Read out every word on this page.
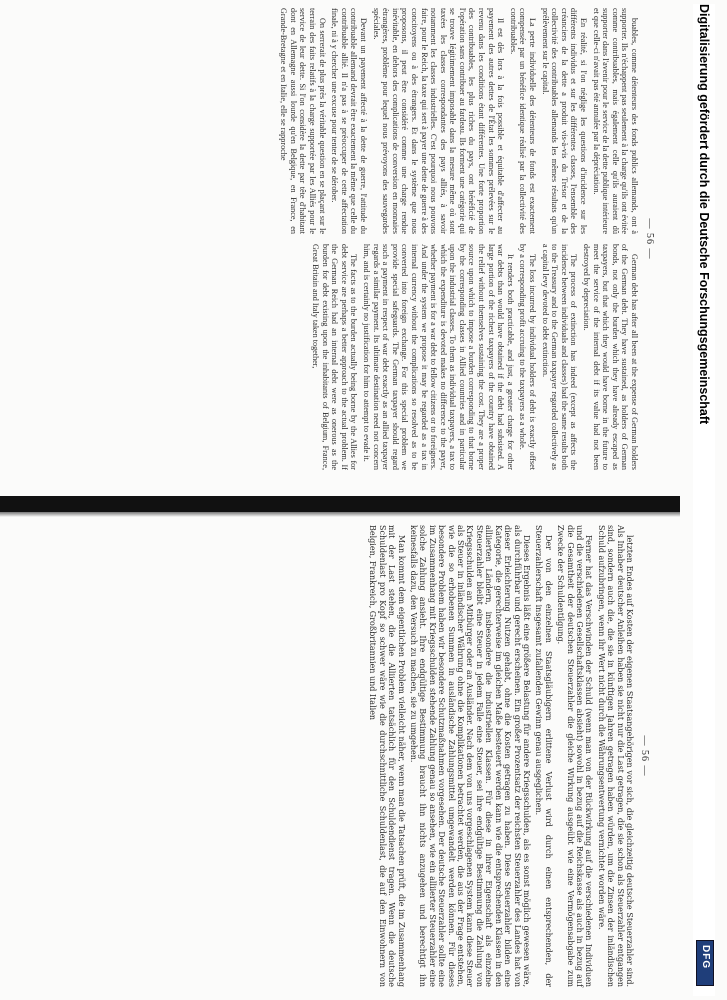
— 56 —

buables, comme détenteurs des fonds publics allemands, ont à supporter. Ils n'échappent pas seulement à la charge qu'ils ont évitée comme contribuables, mais également celle qu'ils auraient dû supporter dans l'avenir pour le service de la dette publique intérieure et que celle-ci n'avait pas été annulée par la dépréciation.

En réalité, si l'on néglige les questions d'incidence sur les différents individus et sur les différentes classes, l'ensemble des créanciers de la dette a produit vis-à-vis du Trésor et de la collectivité des contribuables allemands les mêmes résultats qu'un prélèvement sur le capital.

La perte individuelle des détenteurs de fonds est exactement compensée par un bénéfice identique réalisé par la collectivité des contribuables.

Il est dès lors à la fois possible et équitable d'affecter au payement des autres dettes de l'État les sommes prélevées sur le revenu dans les conditions étant différentes. Une forte proportion des contribuables, les plus riches du pays, ont bénéficié de l'opération sans contribuer au fardeau. Ils forment une catégorie qui se trouve légitimement imposable dans la mesure même où sont taxées les classes correspondantes des pays alliés, à savoir notamment les classes industrielles. C'est pourquoi nous pouvons faire, pour le Reich, la taxe qui sert à payer une dette de guerre à des concitoyens ou à des étrangers. Et dans le système que nous proposons, il peut être considéré comme une charge rendue inévitable, en dehors des complications de conversion en monnaies étrangères, problème pour lequel nous prévoyons des sauvegardes spéciales.

Devant un payement affecté à la dette de guerre, l'attitude du contribuable allemand devrait être exactement la même que celle du contribuable allié. Il n'a pas à se préoccuper de cette affectation finale, ni à y chercher une excuse pour tenter de se dérober.

On serrerait de plus près la véritable question en se plaçant sur le terrain des faits relatifs à la charge supportée par les Alliés pour le service de leur dette. Si l'on considère la dette par tête d'habitant dont en Allemagne aussi lourde qu'en Belgique, en France, en Grande-Bretagne et en Italie, elle se rapproche

German debt has after all been at the expense of German holders of the German debt. They have sustained, as holders of German bonds, not only the burden which they have already escaped as taxpayers, but that which they would have borne in the future to meet the service of the internal debt if its value had not been destroyed by depreciation.

The process of extinction has indeed (except as affects the incidence between individuals and classes) had the same results both to the Treasury and to the German taxpayer regarded collectively as a capital levy devoted to debt extinction.

The loss incurred by individual holders of debt is exactly offset by a corresponding profit accruing to the taxpayers as a whole.

It renders both practicable, and just, a greater charge for other war debts than would have obtained if the debt had subsisted. A large portion of the richest taxpayers of the country have obtained the relief without themselves sustaining the cost. They are a proper source upon which to impose a burden corresponding to that borne by the corresponding classes in Allied countries and in particular upon the industrial classes. To them as individual taxpayers, a tax to which the expenditure is devoted makes no difference to the payer, whether payment is for a war debt to fellow citizens or to foreigners. And under the system we propose it may be regarded as a tax in internal currency without the complications so resolved as to be converted into foreign exchange. For this special problem we provide special safeguards. The German taxpayer should regard such a payment in respect of war debt exactly as an allied taxpayer regards a similar payment. Its ultimate destination need not concern him, and is certainly no justification for him to attempt to evade it.

The facts as to the burden actually being borne by the Allies for debt service are perhaps a better approach to the actual problem. If the German Reich had an internal debt were as onerous as the burden for debt existing upon the inhabitants of Belgium, France, Great Britain and Italy taken together,

— 56 —

letzten Endes auf Kosten der eigenen Staatsangehörigen vor sich, die gleichzeitig deutsche Steuerzahler sind. Als Inhaber deutscher Anleihen haben sie nicht nur die Last getragen, die sie schon als Steuerzahler entgangen sind, sondern auch die, die sie in künftigen Jahren getragen haben würden, um die Zinsen der inländischen Schuld aufzubringen, wenn ihr Wert nicht durch die Währungsentwertung vernichtet worden wäre.

Ferner hat das Verschwinden der Schuld (wenn man von der Rückwirkung auf die verschiedenen Individuen und die verschiedenen Gesellschaftsklassen absieht) sowohl in bezug auf die Reichskasse als auch in bezug auf die Gesamtheit der deutschen Steuerzahler die gleiche Wirkung ausgeübt wie eine Vermögensabgabe zum Zwecke der Schuldentilgung.

Der von den einzelnen Staatsgläubigern erlittene Verlust wird durch einen entsprechenden, der Steuerzahlerschaft insgesamt zufallenden Gewinn genau ausgeglichen.

Dieses Ergebnis läßt eine größere Belastung für andere Kriegsschulden, als es sonst möglich gewesen wäre, als durchführbar und gerecht erscheinen. Ein großer Prozentsatz der reichsten Steuerzahler des Landes hat von dieser Erleichterung Nutzen gehabt, ohne die Kosten getragen zu haben. Diese Steuerzahler bilden eine Kategorie, die gerechterweise im gleichen Maße besteuert werden kann wie die entsprechenden Klassen in den alliierten Ländern, insbesondere die industriellen Klassen. Für diese in ihrer Eigenschaft als einzelne Steuerzahler bleibt eine Steuer in jedem Falle eine Steuer, sei ihre endgültige Bestimmung die Zahlung von Kriegsschulden an Mitbürger oder an Ausländer. Nach dem von uns vorgeschlagenen System kann diese Steuer als Steuer in inländischer Währung ohne die Komplikationen betrachtet werden, die aus der Frage entstehen, wie die so erhobenen Summen in ausländische Zahlungsmittel umgewandelt werden können. Für dieses besondere Problem haben wir besondere Schutzmaßnahmen vorgesehen. Der deutsche Steuerzahler sollte eine im Zusammenhang mit Kriegsschulden stehende Zahlung genau so ansehen, wie ein alliierter Steuerzahler eine solche Zahlung ansieht. Ihre endgültige Bestimmung braucht ihn nichts anzugehen und berechtigt ihn keinesfalls dazu, den Versuch zu machen, sie zu umgehen.

Man kommt dem eigentlichen Problem vielleicht näher, wenn man die Tatsachen prüft, die im Zusammenhang mit der Last stehen, die die Alliierten tatsächlich für den Schuldendienst tragen. Wenn die deutsche Schuldenlast pro Kopf so schwer wäre wie die durchschnittliche Schuldenlast, die auf den Einwohnern von Belgien, Frankreich, Großbritannien und Italien

Digitalisierung gefördert durch die Deutsche Forschungsgemeinschaft
DFG
